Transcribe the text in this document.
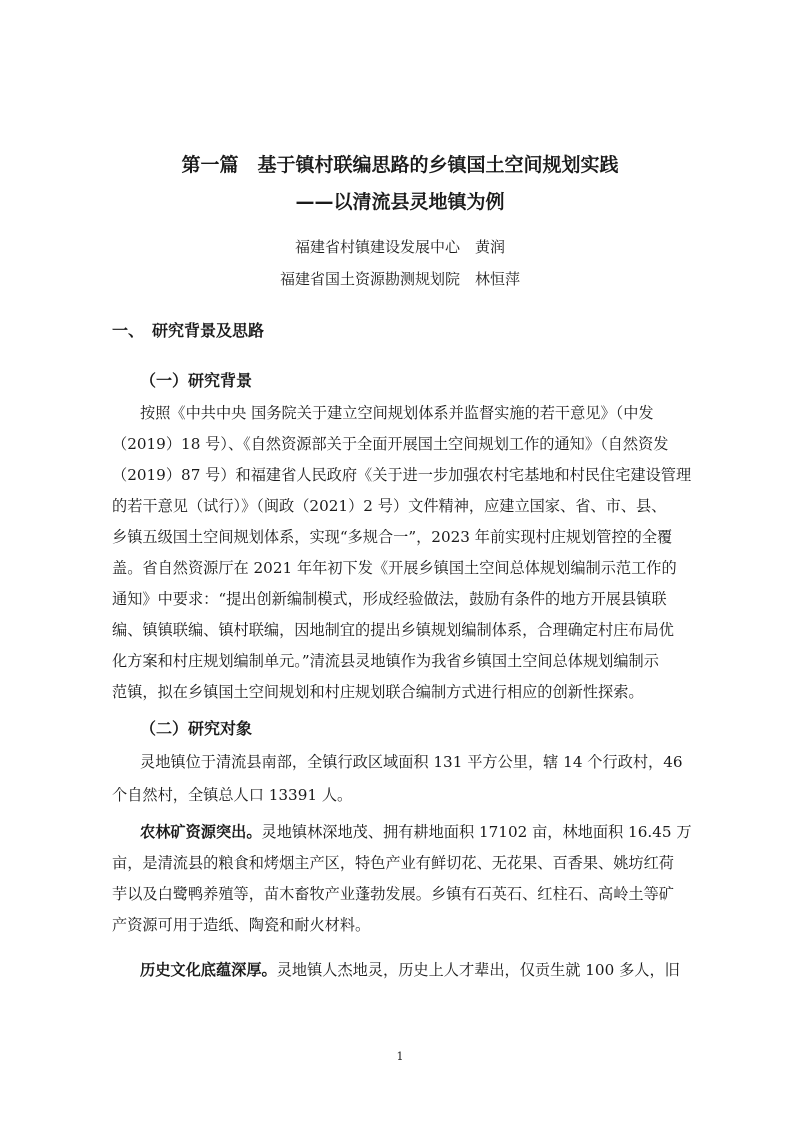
第一篇　基于镇村联编思路的乡镇国土空间规划实践
——以清流县灵地镇为例
福建省村镇建设发展中心　黄润
福建省国土资源勘测规划院　林恒萍
一、　研究背景及思路
（一）研究背景
按照《中共中央 国务院关于建立空间规划体系并监督实施的若干意见》（中发
（2019）18 号）、《自然资源部关于全面开展国土空间规划工作的通知》（自然资发
（2019）87 号）和福建省人民政府《关于进一步加强农村宅基地和村民住宅建设管理
的若干意见（试行）》（闽政（2021）2 号）文件精神，应建立国家、省、市、县、
乡镇五级国土空间规划体系，实现“多规合一”，2023 年前实现村庄规划管控的全覆
盖。省自然资源厅在 2021 年年初下发《开展乡镇国土空间总体规划编制示范工作的
通知》中要求：“提出创新编制模式，形成经验做法，鼓励有条件的地方开展县镇联
编、镇镇联编、镇村联编，因地制宜的提出乡镇规划编制体系，合理确定村庄布局优
化方案和村庄规划编制单元。”清流县灵地镇作为我省乡镇国土空间总体规划编制示
范镇，拟在乡镇国土空间规划和村庄规划联合编制方式进行相应的创新性探索。
（二）研究对象
灵地镇位于清流县南部，全镇行政区域面积 131 平方公里，辖 14 个行政村，46
个自然村，全镇总人口 13391 人。
农林矿资源突出。灵地镇林深地茂、拥有耕地面积 17102 亩，林地面积 16.45 万
亩，是清流县的粮食和烤烟主产区，特色产业有鲜切花、无花果、百香果、姚坊红荷
芋以及白鹭鸭养殖等，苗木畜牧产业蓬勃发展。乡镇有石英石、红柱石、高岭土等矿
产资源可用于造纸、陶瓷和耐火材料。
历史文化底蕴深厚。灵地镇人杰地灵，历史上人才辈出，仅贡生就 100 多人，旧
1
